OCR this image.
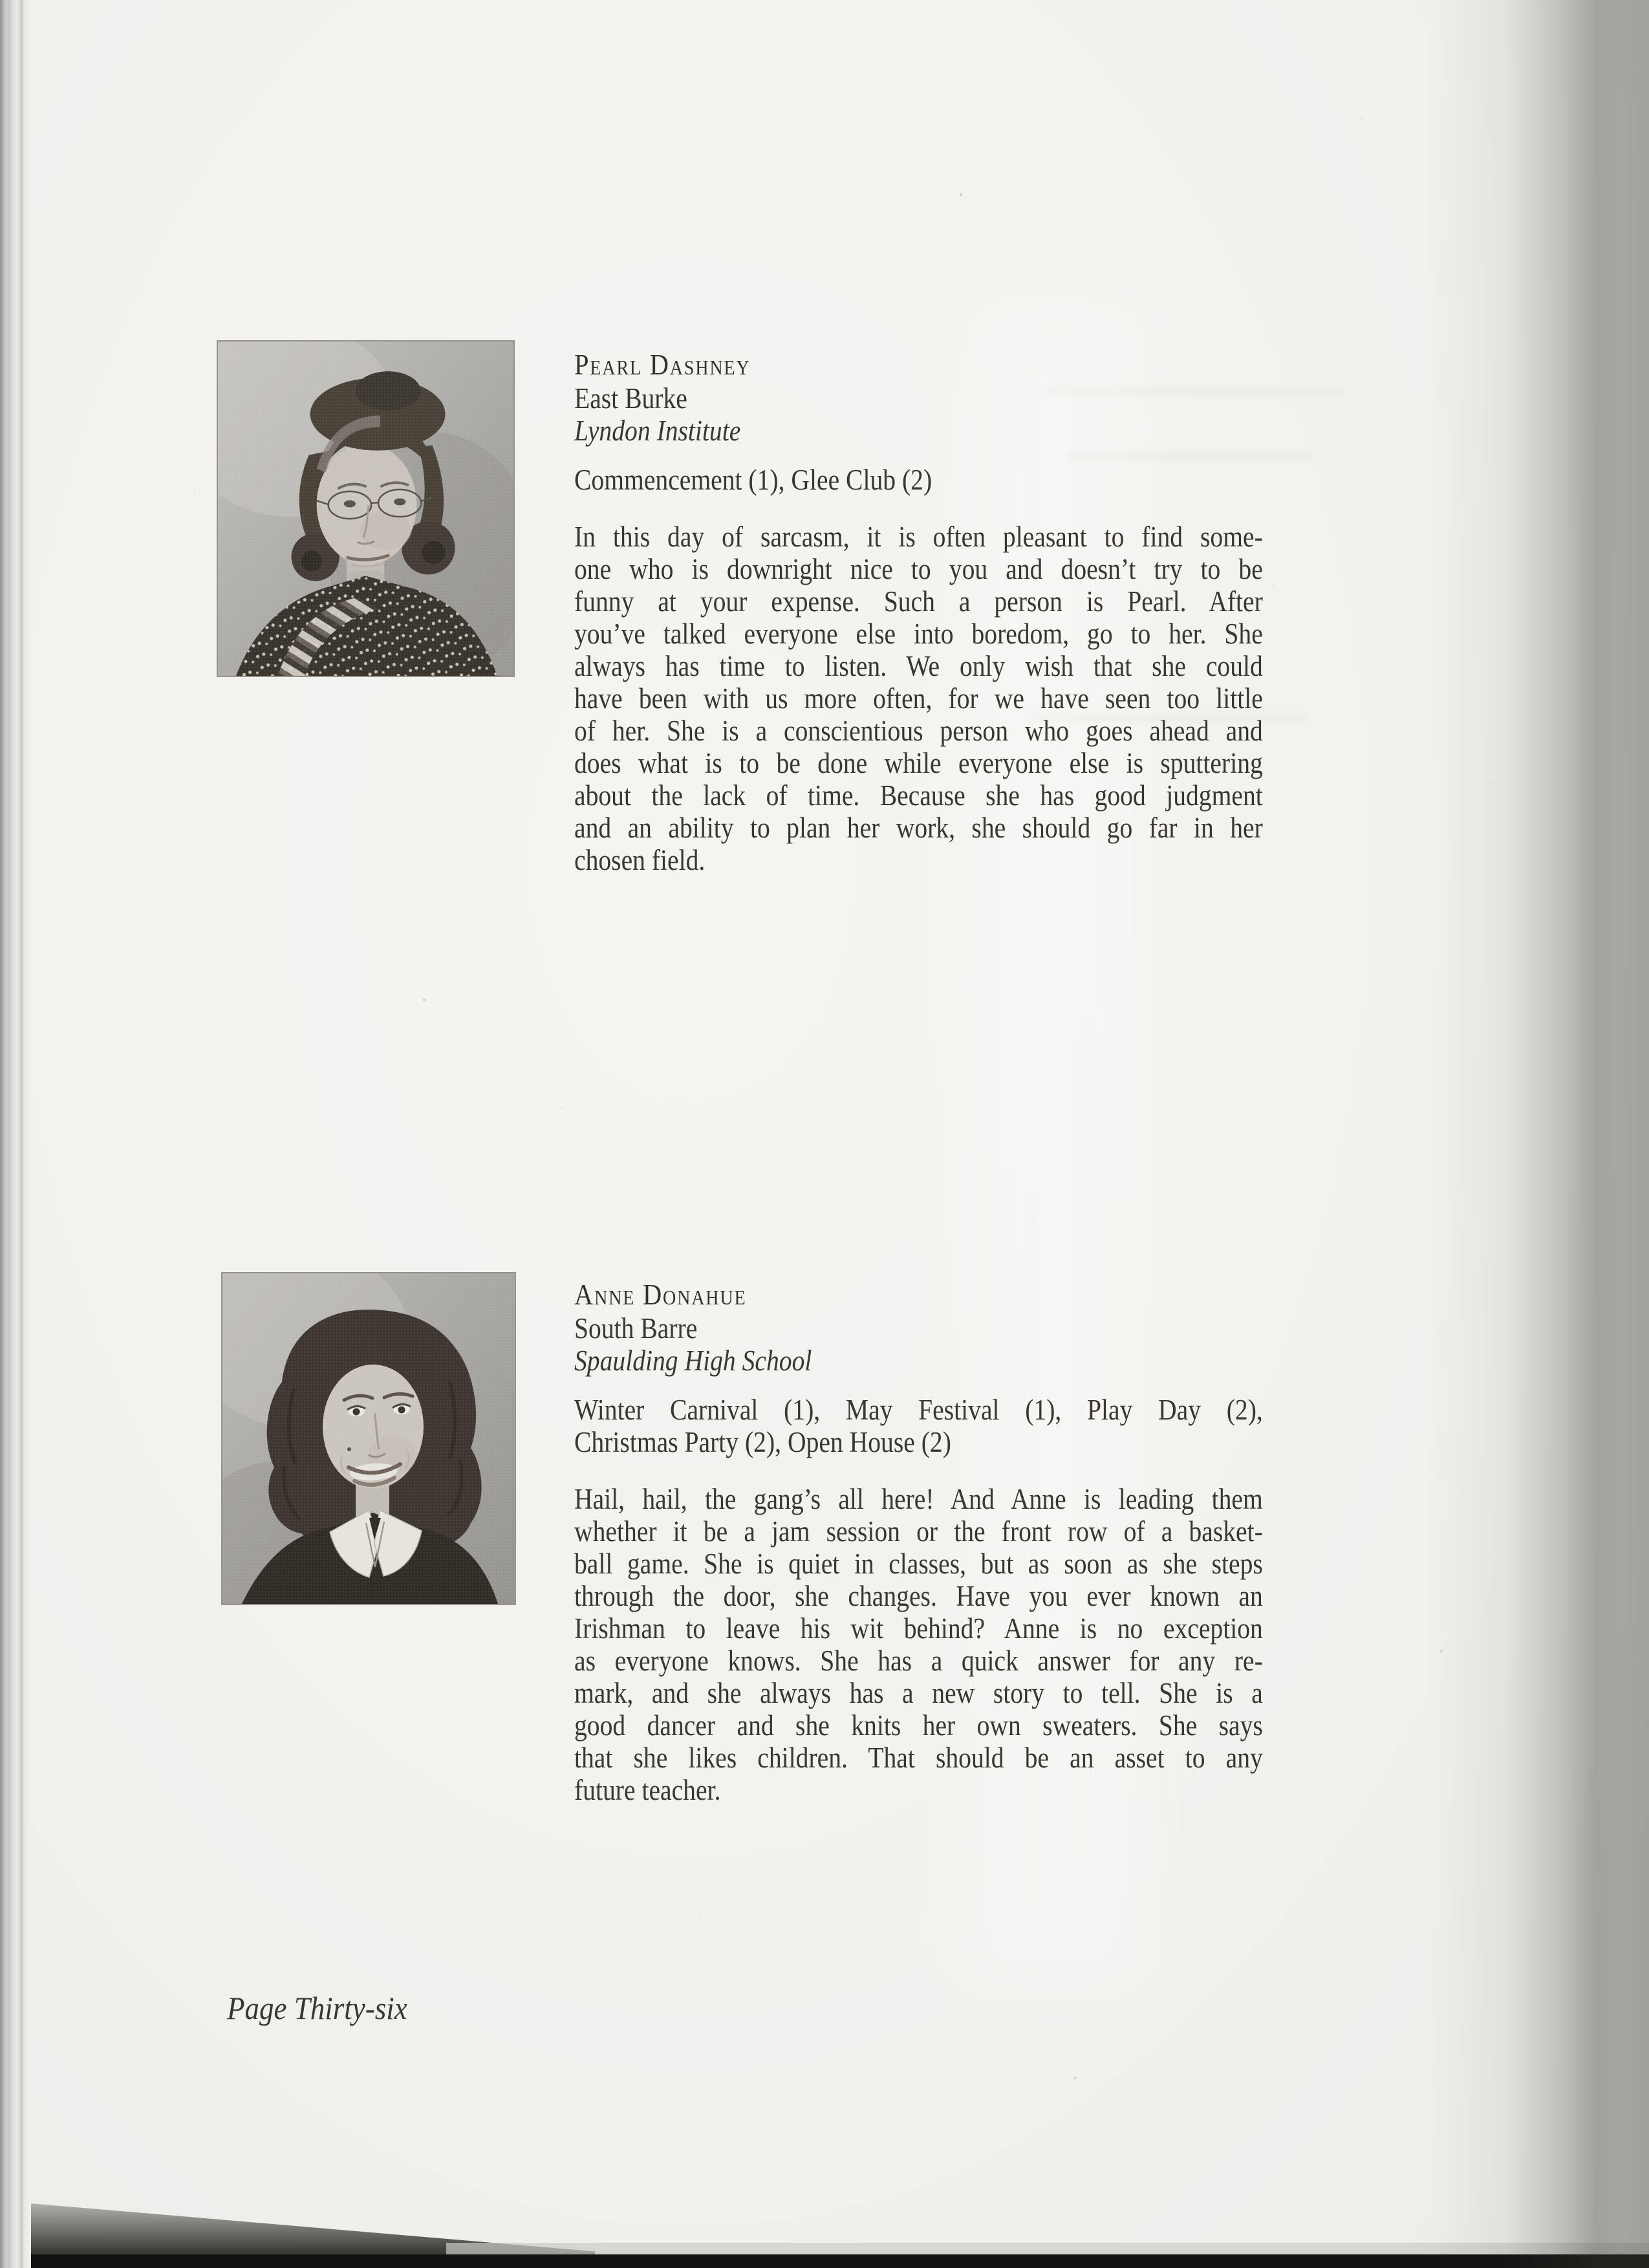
Pearl Dashney
East Burke
Lyndon Institute
Commencement (1), Glee Club (2)
In this day of sarcasm, it is often pleasant to find some-
one who is downright nice to you and doesn’t try to be
funny at your expense. Such a person is Pearl. After
you’ve talked everyone else into boredom, go to her. She
always has time to listen. We only wish that she could
have been with us more often, for we have seen too little
of her. She is a conscientious person who goes ahead and
does what is to be done while everyone else is sputtering
about the lack of time. Because she has good judgment
and an ability to plan her work, she should go far in her
chosen field.
Anne Donahue
South Barre
Spaulding High School
Winter Carnival (1), May Festival (1), Play Day (2),
Christmas Party (2), Open House (2)
Hail, hail, the gang’s all here! And Anne is leading them
whether it be a jam session or the front row of a basket-
ball game. She is quiet in classes, but as soon as she steps
through the door, she changes. Have you ever known an
Irishman to leave his wit behind? Anne is no exception
as everyone knows. She has a quick answer for any re-
mark, and she always has a new story to tell. She is a
good dancer and she knits her own sweaters. She says
that she likes children. That should be an asset to any
future teacher.
Page Thirty-six
